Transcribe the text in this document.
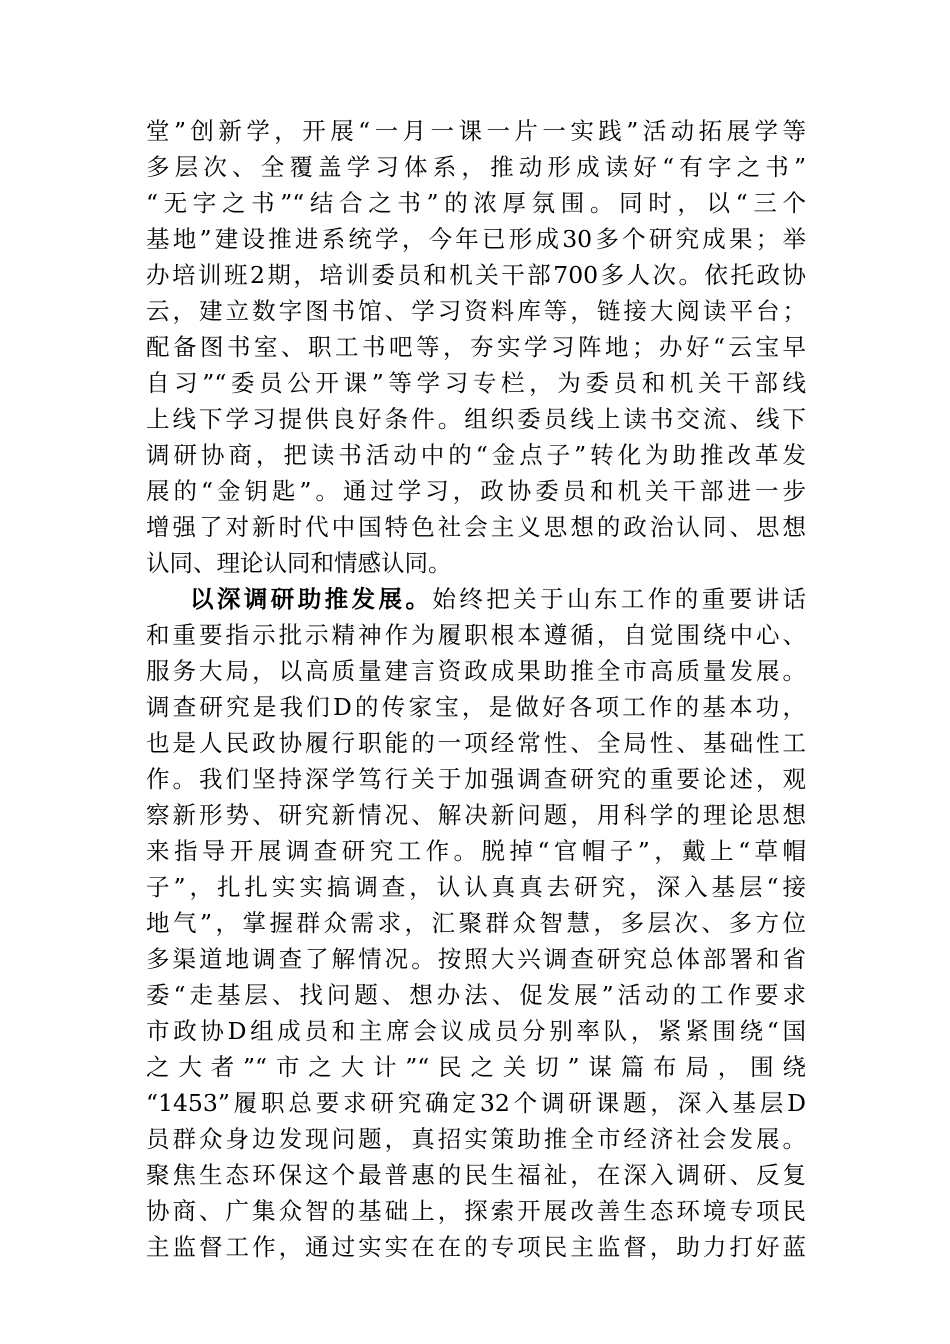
堂”创新学，开展“一月一课一片一实践”活动拓展学等
多层次、全覆盖学习体系，推动形成读好“有字之书”
“无字之书”“结合之书”的浓厚氛围。同时，以“三个
基地”建设推进系统学，今年已形成30多个研究成果；举
办培训班2期，培训委员和机关干部700多人次。依托政协
云，建立数字图书馆、学习资料库等，链接大阅读平台；
配备图书室、职工书吧等，夯实学习阵地；办好“云宝早
自习”“委员公开课”等学习专栏，为委员和机关干部线
上线下学习提供良好条件。组织委员线上读书交流、线下
调研协商，把读书活动中的“金点子”转化为助推改革发
展的“金钥匙”。通过学习，政协委员和机关干部进一步
增强了对新时代中国特色社会主义思想的政治认同、思想
认同、理论认同和情感认同。
以深调研助推发展。始终把关于山东工作的重要讲话
和重要指示批示精神作为履职根本遵循，自觉围绕中心、
服务大局，以高质量建言资政成果助推全市高质量发展。
调查研究是我们D的传家宝，是做好各项工作的基本功，
也是人民政协履行职能的一项经常性、全局性、基础性工
作。我们坚持深学笃行关于加强调查研究的重要论述，观
察新形势、研究新情况、解决新问题，用科学的理论思想
来指导开展调查研究工作。脱掉“官帽子”，戴上“草帽
子”，扎扎实实搞调查，认认真真去研究，深入基层“接
地气”，掌握群众需求，汇聚群众智慧，多层次、多方位
多渠道地调查了解情况。按照大兴调查研究总体部署和省
委“走基层、找问题、想办法、促发展”活动的工作要求
市政协D组成员和主席会议成员分别率队，紧紧围绕“国
之大者”“市之大计”“民之关切”谋篇布局，围绕
“1453”履职总要求研究确定32个调研课题，深入基层D
员群众身边发现问题，真招实策助推全市经济社会发展。
聚焦生态环保这个最普惠的民生福祉，在深入调研、反复
协商、广集众智的基础上，探索开展改善生态环境专项民
主监督工作，通过实实在在的专项民主监督，助力打好蓝
